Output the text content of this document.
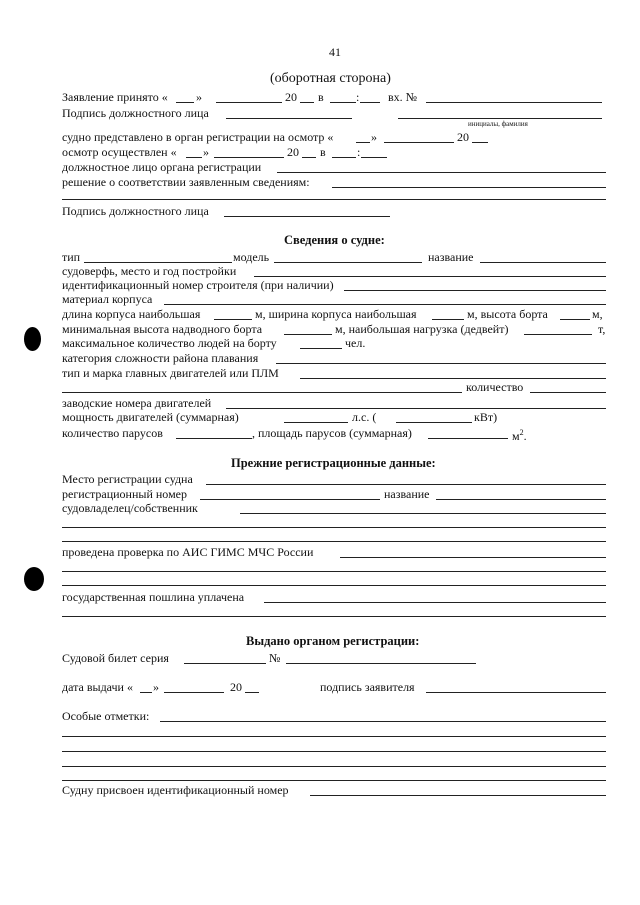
41
(оборотная сторона)
Заявление принято « »	20 в	: вх. №
Подпись должностного лица
инициалы, фамилия
судно представлено в орган регистрации на осмотр «	»	20
осмотр осуществлен « »	20 в	:
должностное лицо органа регистрации
решение о соответствии заявленным сведениям:
Подпись должностного лица
Сведения о судне:
тип	модель	название
судоверфь, место и год постройки
идентификационный номер строителя (при наличии)
материал корпуса
длина корпуса наибольшая	м, ширина корпуса наибольшая	м, высота борта	м,
минимальная высота надводного борта	м, наибольшая нагрузка (дедвейт)	т,
максимальное количество людей на борту	чел.
категория сложности района плавания
тип и марка главных двигателей или ПЛМ
количество
заводские номера двигателей
мощность двигателей (суммарная)	л.с. (	кВт)
количество парусов	, площадь парусов (суммарная)	$м^2$.
Прежние регистрационные данные:
Место регистрации судна
регистрационный номер	название
судовладелец/собственник
проведена проверка по АИС ГИМС МЧС России
государственная пошлина уплачена
Выдано органом регистрации:
Судовой билет серия	№
дата выдачи « »	20	подпись заявителя
Особые отметки:
Судну присвоен идентификационный номер
